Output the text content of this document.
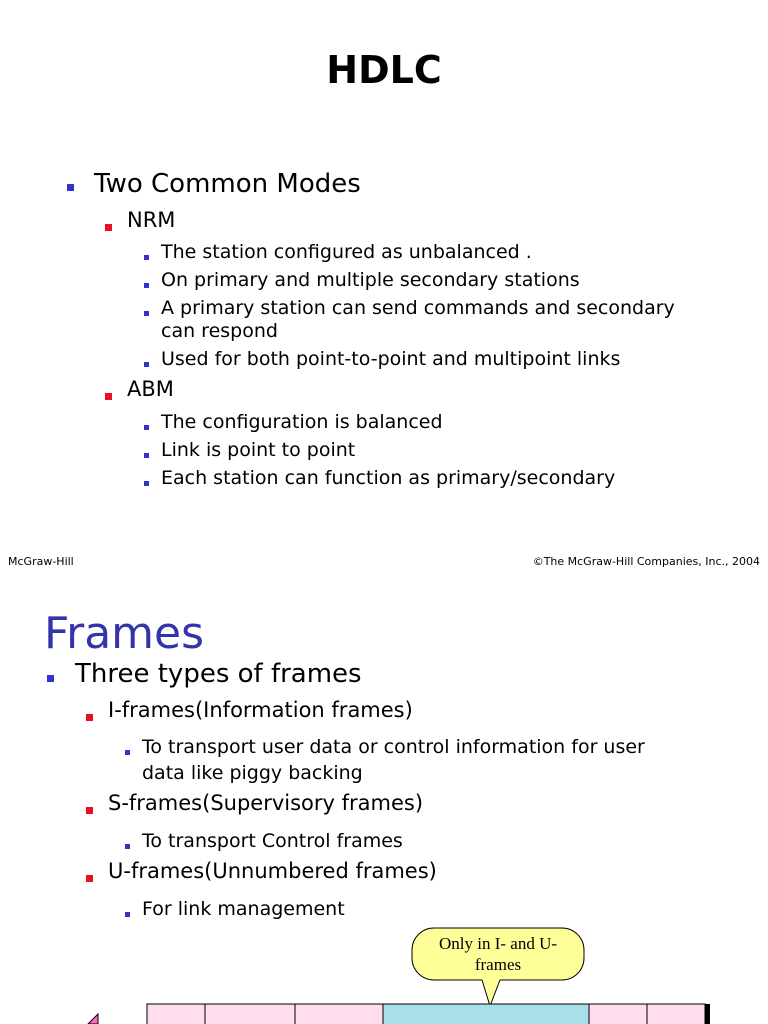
HDLC
Two Common Modes
NRM
The station configured as unbalanced .
On primary and multiple secondary stations
A primary station can send commands and secondary
can respond
Used for both point-to-point and multipoint links
ABM
The configuration is balanced
Link is point to point
Each station can function as primary/secondary
McGraw-Hill	©The McGraw-Hill Companies, Inc., 2004
Frames
Three types of frames
I-frames(Information frames)
To transport user data or control information for user
data like piggy backing
S-frames(Supervisory frames)
To transport Control frames
U-frames(Unnumbered frames)
For link management
Only in I- and U-
frames
